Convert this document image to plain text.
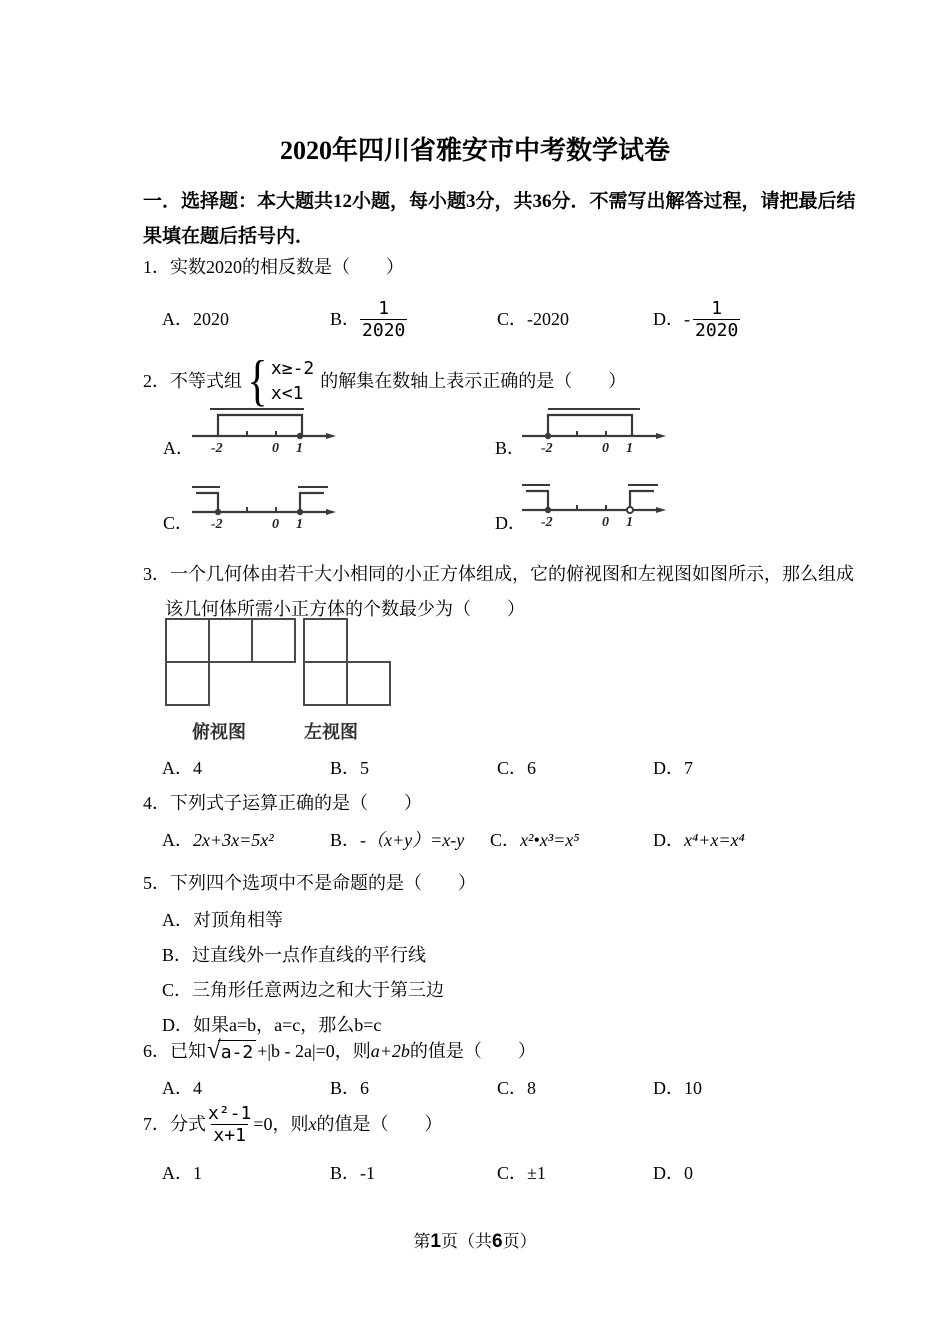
2020年四川省雅安市中考数学试卷
一．选择题：本大题共12小题，每小题3分，共36分．不需写出解答过程，请把最后结
果填在题后括号内．
1．实数2020的相反数是（　　）
A．2020	B． $\frac{1}{2020}$	C．-2020	D． - $\frac{1}{2020}$
2．不等式组 { x≥-2
x<1
的解集在数轴上表示正确的是（　　）
A． -2	0 1	B． -2	0 1
C． -2	0 1	D． -2	0 1
3．一个几何体由若干大小相同的小正方体组成，它的俯视图和左视图如图所示，那么组成
该几何体所需小正方体的个数最少为（　　）
俯视图	左视图
A．4	B．5	C．6	D．7
4．下列式子运算正确的是（　　）
A．2x+3x=5x²	B．-（x+y）=x-y C．x²•x³=x⁵	D．x⁴+x=x⁴
5．下列四个选项中不是命题的是（　　）
A．对顶角相等
B．过直线外一点作直线的平行线
C．三角形任意两边之和大于第三边
D．如果a=b，a=c，那么b=c
6．已知 √ a-2 +|b - 2a|=0，则 a+2b 的值是（　　）
A．4	B．6	C．8	D．10
7．分式 $\frac{\text{x²-1}}{x+1} =0$，则 x 的值是（　　）
A．1	B．-1	C．±1	D．0
第1页（共6页）
